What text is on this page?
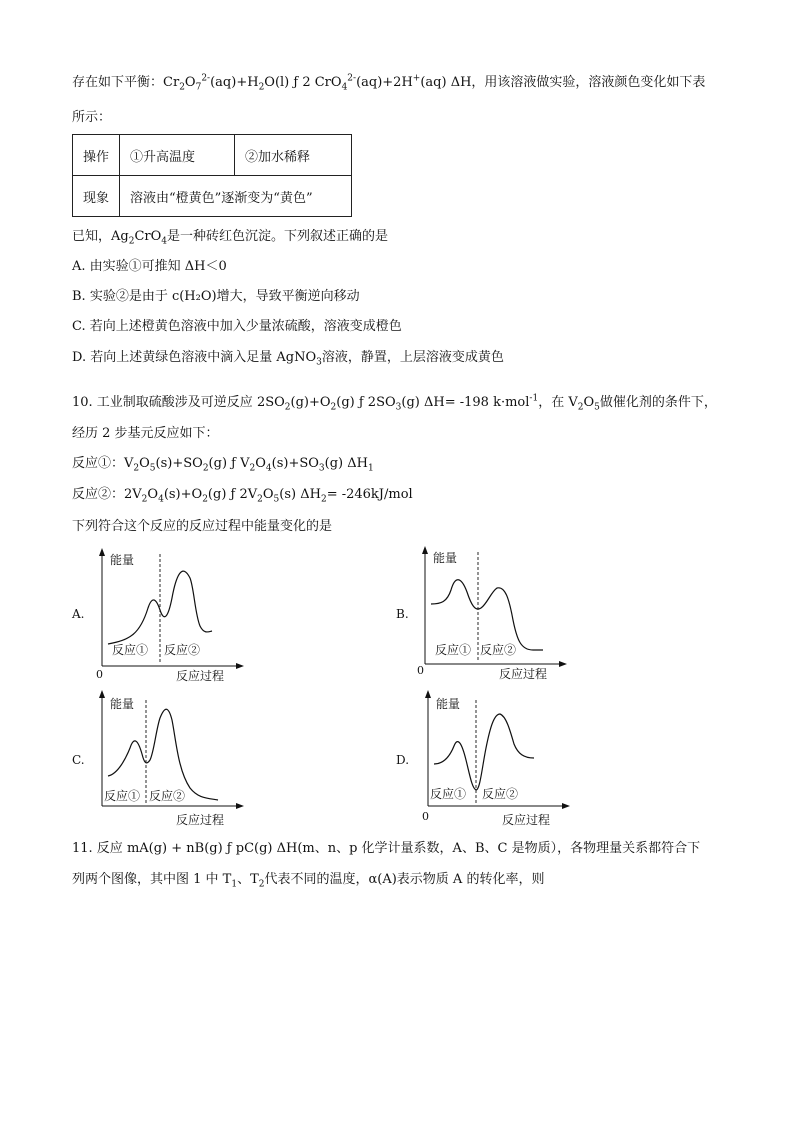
存在如下平衡：$Cr_2O_7^{2-}(aq)+H_2O(l)$ ƒ 2 CrO$_4^{2-}$(aq)+2H+(aq) ΔH，用该溶液做实验，溶液颜色变化如下表
所示：
操作	①升高温度	②加水稀释
现象	溶液由“橙黄色”逐渐变为“黄色”	
已知，$Ag_2CrO_4$是一种砖红色沉淀。下列叙述正确的是
A. 由实验①可推知 ΔH＜0
B. 实验②是由于 c(H₂O)增大，导致平衡逆向移动
C. 若向上述橙黄色溶液中加入少量浓硫酸，溶液变成橙色
D. 若向上述黄绿色溶液中滴入足量 AgNO$_3$溶液，静置，上层溶液变成黄色
10. 工业制取硫酸涉及可逆反应 $2SO_2(g)+O_2(g)$ ƒ $2SO_3(g)$ ΔH= -198 k·mol$^{-1}$，在 $V_2O_5$做催化剂的条件下，
经历 2 步基元反应如下：
反应①：$V_2O_5(s)+SO_2(g)$ ƒ $V_2O_4(s)+SO_3(g)$ $\Delta H_1$
反应②：$2V_2O_4(s)+O_2(g)$ ƒ $2V_2O_5(s)$ $\Delta H_2= -246kJ/mol$
下列符合这个反应的反应过程中能量变化的是
A.
能量
反应过程
0
反应① 反应②
B.
能量
反应过程
0
反应① 反应②
C.
能量
反应过程
反应① 反应②
D.
能量
反应过程
0
反应① 反应②
11. 反应 mA(g) + nB(g) ƒ pC(g) ΔH(m、n、p 化学计量系数，A、B、C 是物质），各物理量关系都符合下
列两个图像，其中图 1 中 $T_1$、$T_2$代表不同的温度，α(A)表示物质 A 的转化率，则
